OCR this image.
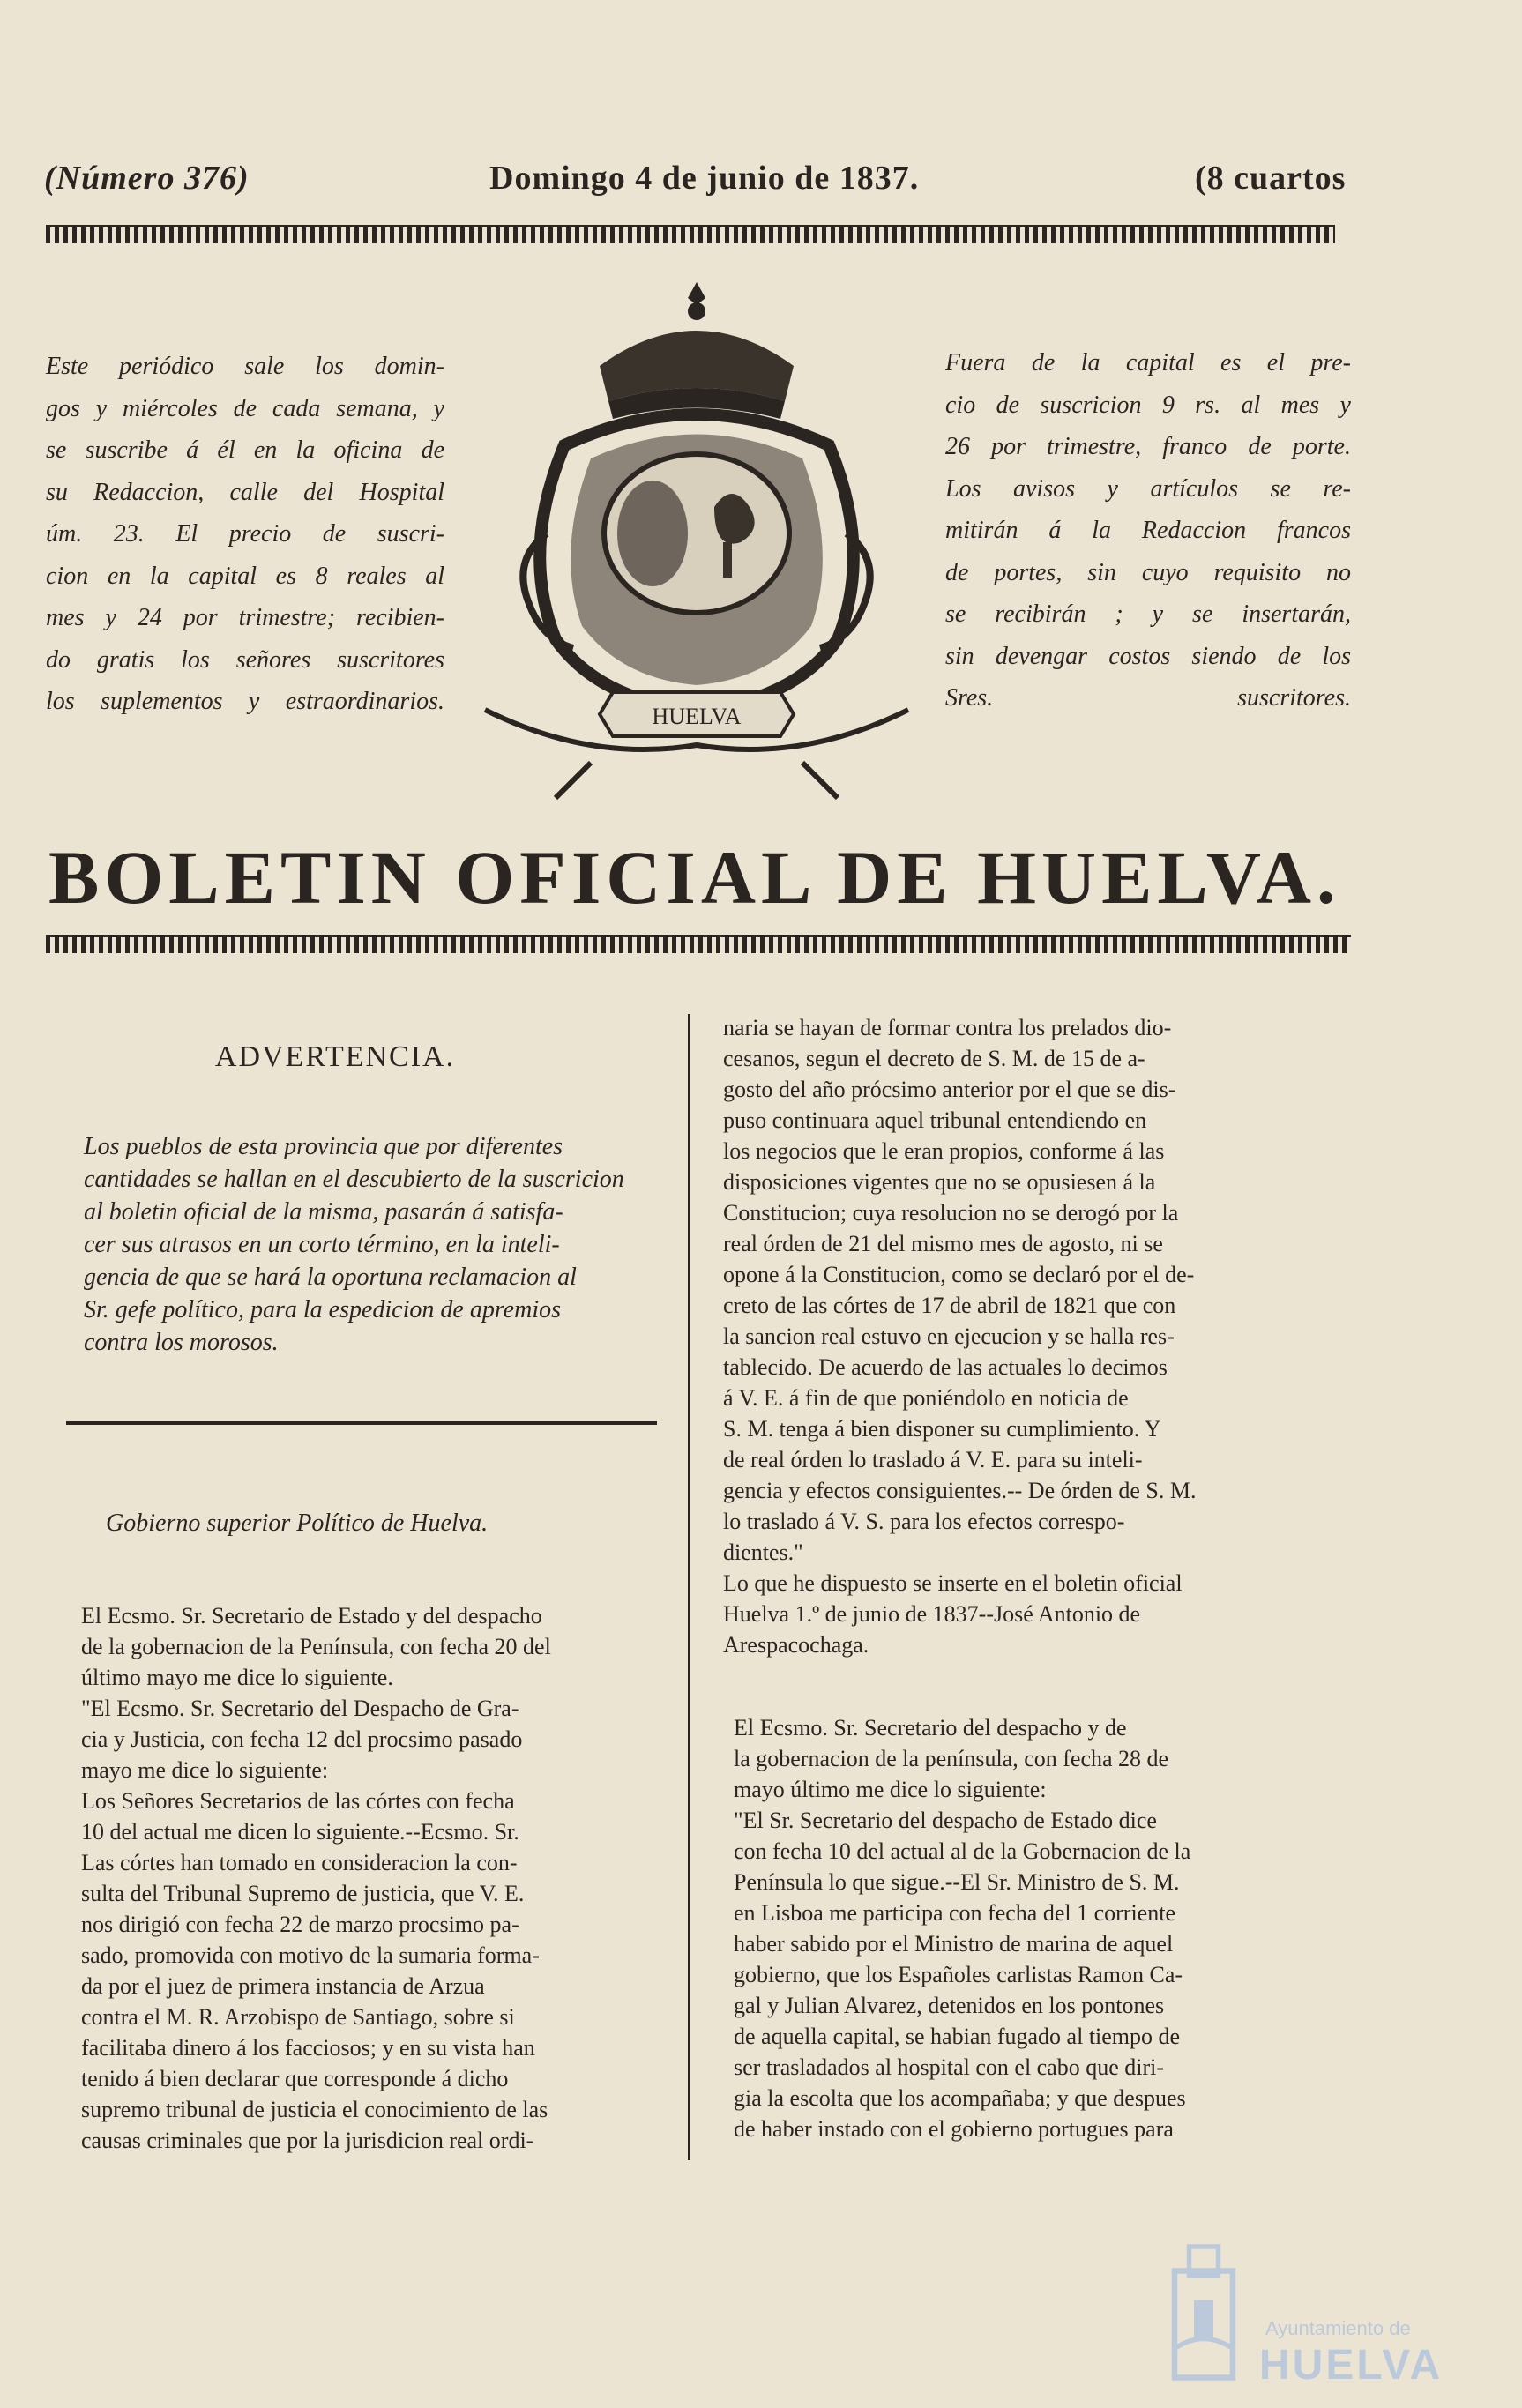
(Número 376)	Domingo 4 de junio de 1837.	(8 cuartos
Este periódico sale los domin-
gos y miércoles de cada semana, y
se suscribe á él en la oficina de
su Redaccion, calle del Hospital
úm. 23. El precio de suscri-
cion en la capital es 8 reales al
mes y 24 por trimestre; recibien-
do gratis los señores suscritores
los suplementos y estraordinarios.
HUELVA
Fuera de la capital es el pre-
cio de suscricion 9 rs. al mes y
26 por trimestre, franco de porte.
Los avisos y artículos se re-
mitirán á la Redaccion francos
de portes, sin cuyo requisito no
se recibirán ; y se insertarán,
sin devengar costos siendo de los
Sres. suscritores.
BOLETIN OFICIAL DE HUELVA.
ADVERTENCIA.
Los pueblos de esta provincia que por diferentes
cantidades se hallan en el descubierto de la suscricion
al boletin oficial de la misma, pasarán á satisfa-
cer sus atrasos en un corto término, en la inteli-
gencia de que se hará la oportuna reclamacion al
Sr. gefe político, para la espedicion de apremios
contra los morosos.
Gobierno superior Político de Huelva.
El Ecsmo. Sr. Secretario de Estado y del despacho
de la gobernacion de la Península, con fecha 20 del
último mayo me dice lo siguiente.
"El Ecsmo. Sr. Secretario del Despacho de Gra-
cia y Justicia, con fecha 12 del procsimo pasado
mayo me dice lo siguiente:
Los Señores Secretarios de las córtes con fecha
10 del actual me dicen lo siguiente.--Ecsmo. Sr.
Las córtes han tomado en consideracion la con-
sulta del Tribunal Supremo de justicia, que V. E.
nos dirigió con fecha 22 de marzo procsimo pa-
sado, promovida con motivo de la sumaria forma-
da por el juez de primera instancia de Arzua
contra el M. R. Arzobispo de Santiago, sobre si
facilitaba dinero á los facciosos; y en su vista han
tenido á bien declarar que corresponde á dicho
supremo tribunal de justicia el conocimiento de las
causas criminales que por la jurisdicion real ordi-
naria se hayan de formar contra los prelados dio-
cesanos, segun el decreto de S. M. de 15 de a-
gosto del año prócsimo anterior por el que se dis-
puso continuara aquel tribunal entendiendo en
los negocios que le eran propios, conforme á las
disposiciones vigentes que no se opusiesen á la
Constitucion; cuya resolucion no se derogó por la
real órden de 21 del mismo mes de agosto, ni se
opone á la Constitucion, como se declaró por el de-
creto de las córtes de 17 de abril de 1821 que con
la sancion real estuvo en ejecucion y se halla res-
tablecido. De acuerdo de las actuales lo decimos
á V. E. á fin de que poniéndolo en noticia de
S. M. tenga á bien disponer su cumplimiento. Y
de real órden lo traslado á V. E. para su inteli-
gencia y efectos consiguientes.-- De órden de S. M.
lo traslado á V. S. para los efectos correspo-
dientes."
Lo que he dispuesto se inserte en el boletin oficial
Huelva 1.º de junio de 1837--José Antonio de
Arespacochaga.
El Ecsmo. Sr. Secretario del despacho y de
la gobernacion de la península, con fecha 28 de
mayo último me dice lo siguiente:
"El Sr. Secretario del despacho de Estado dice
con fecha 10 del actual al de la Gobernacion de la
Península lo que sigue.--El Sr. Ministro de S. M.
en Lisboa me participa con fecha del 1 corriente
haber sabido por el Ministro de marina de aquel
gobierno, que los Españoles carlistas Ramon Ca-
gal y Julian Alvarez, detenidos en los pontones
de aquella capital, se habian fugado al tiempo de
ser trasladados al hospital con el cabo que diri-
gia la escolta que los acompañaba; y que despues
de haber instado con el gobierno portugues para
Ayuntamiento de
HUELVA
